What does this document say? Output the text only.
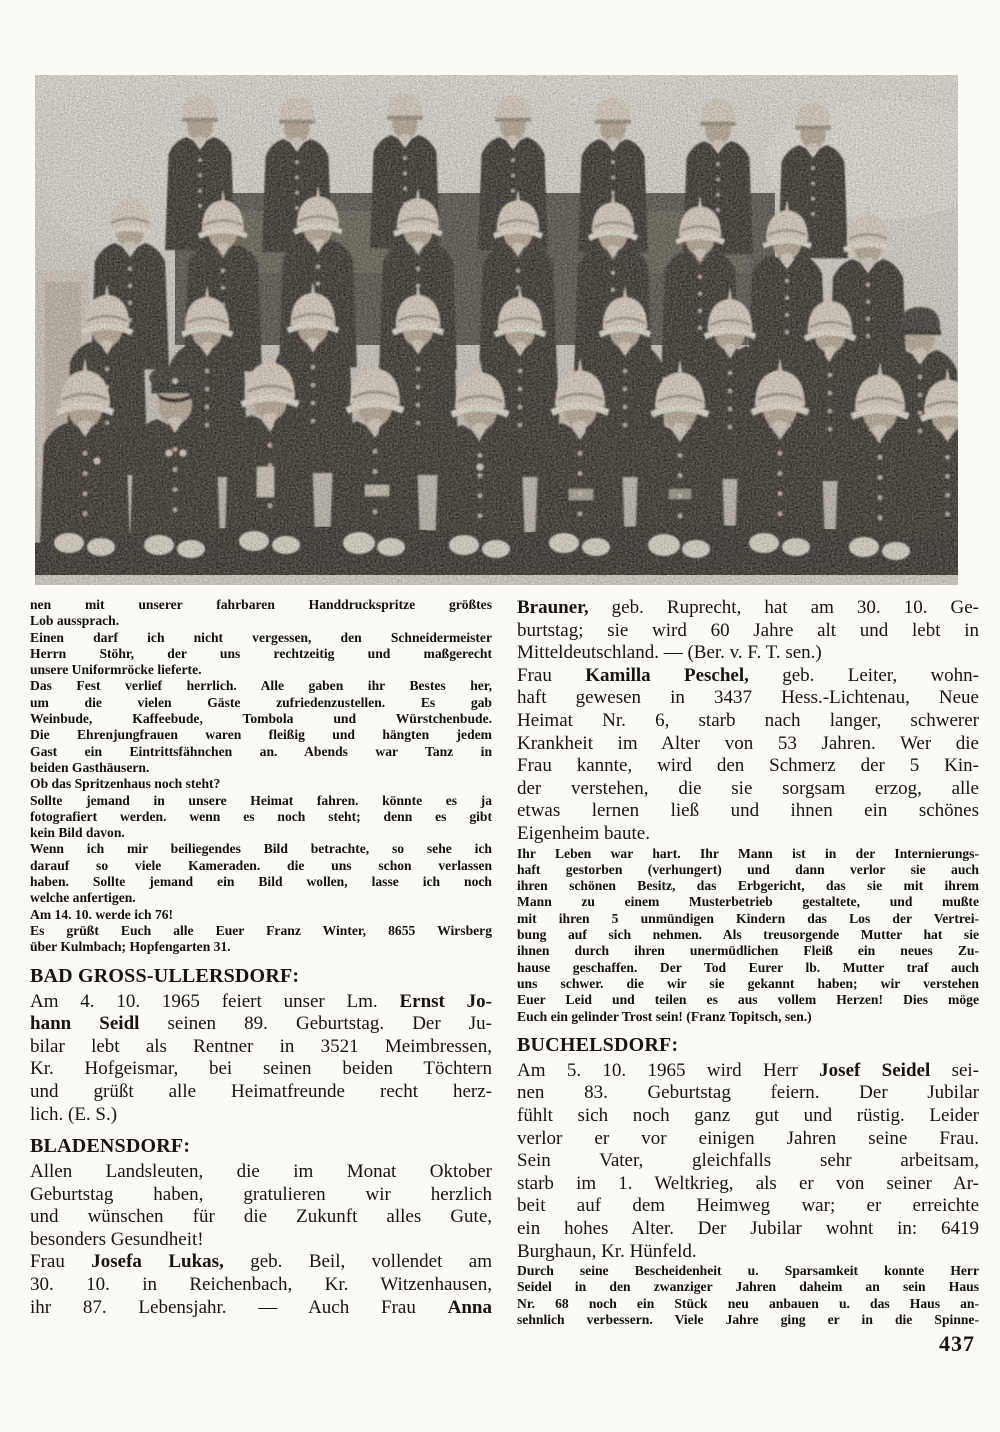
nen mit unserer fahrbaren Handdruckspritze größtes
Lob aussprach.
Einen darf ich nicht vergessen, den Schneidermeister
Herrn Stöhr, der uns rechtzeitig und maßgerecht
unsere Uniformröcke lieferte.
Das Fest verlief herrlich. Alle gaben ihr Bestes her,
um die vielen Gäste zufriedenzustellen. Es gab
Weinbude, Kaffeebude, Tombola und Würstchenbude.
Die Ehrenjungfrauen waren fleißig und hängten jedem
Gast ein Eintrittsfähnchen an. Abends war Tanz in
beiden Gasthäusern.
Ob das Spritzenhaus noch steht?
Sollte jemand in unsere Heimat fahren. könnte es ja
fotografiert werden. wenn es noch steht; denn es gibt
kein Bild davon.
Wenn ich mir beiliegendes Bild betrachte, so sehe ich
darauf so viele Kameraden. die uns schon verlassen
haben. Sollte jemand ein Bild wollen, lasse ich noch
welche anfertigen.
Am 14. 10. werde ich 76!
Es grüßt Euch alle Euer Franz Winter, 8655 Wirsberg
über Kulmbach; Hopfengarten 31.
BAD GROSS-ULLERSDORF:
Am 4. 10. 1965 feiert unser Lm. Ernst Jo-
hann Seidl seinen 89. Geburtstag. Der Ju-
bilar lebt als Rentner in 3521 Meimbressen,
Kr. Hofgeismar, bei seinen beiden Töchtern
und grüßt alle Heimatfreunde recht herz-
lich. (E. S.)
BLADENSDORF:
Allen Landsleuten, die im Monat Oktober
Geburtstag haben, gratulieren wir herzlich
und wünschen für die Zukunft alles Gute,
besonders Gesundheit!
Frau Josefa Lukas, geb. Beil, vollendet am
30. 10. in Reichenbach, Kr. Witzenhausen,
ihr 87. Lebensjahr. — Auch Frau Anna
Brauner, geb. Ruprecht, hat am 30. 10. Ge-
burtstag; sie wird 60 Jahre alt und lebt in
Mitteldeutschland. — (Ber. v. F. T. sen.)
Frau Kamilla Peschel, geb. Leiter, wohn-
haft gewesen in 3437 Hess.-Lichtenau, Neue
Heimat Nr. 6, starb nach langer, schwerer
Krankheit im Alter von 53 Jahren. Wer die
Frau kannte, wird den Schmerz der 5 Kin-
der verstehen, die sie sorgsam erzog, alle
etwas lernen ließ und ihnen ein schönes
Eigenheim baute.
Ihr Leben war hart. Ihr Mann ist in der Internierungs-
haft gestorben (verhungert) und dann verlor sie auch
ihren schönen Besitz, das Erbgericht, das sie mit ihrem
Mann zu einem Musterbetrieb gestaltete, und mußte
mit ihren 5 unmündigen Kindern das Los der Vertrei-
bung auf sich nehmen. Als treusorgende Mutter hat sie
ihnen durch ihren unermüdlichen Fleiß ein neues Zu-
hause geschaffen. Der Tod Eurer lb. Mutter traf auch
uns schwer. die wir sie gekannt haben; wir verstehen
Euer Leid und teilen es aus vollem Herzen! Dies möge
Euch ein gelinder Trost sein! (Franz Topitsch, sen.)
BUCHELSDORF:
Am 5. 10. 1965 wird Herr Josef Seidel sei-
nen 83. Geburtstag feiern. Der Jubilar
fühlt sich noch ganz gut und rüstig. Leider
verlor er vor einigen Jahren seine Frau.
Sein Vater, gleichfalls sehr arbeitsam,
starb im 1. Weltkrieg, als er von seiner Ar-
beit auf dem Heimweg war; er erreichte
ein hohes Alter. Der Jubilar wohnt in: 6419
Burghaun, Kr. Hünfeld.
Durch seine Bescheidenheit u. Sparsamkeit konnte Herr
Seidel in den zwanziger Jahren daheim an sein Haus
Nr. 68 noch ein Stück neu anbauen u. das Haus an-
sehnlich verbessern. Viele Jahre ging er in die Spinne-
437
